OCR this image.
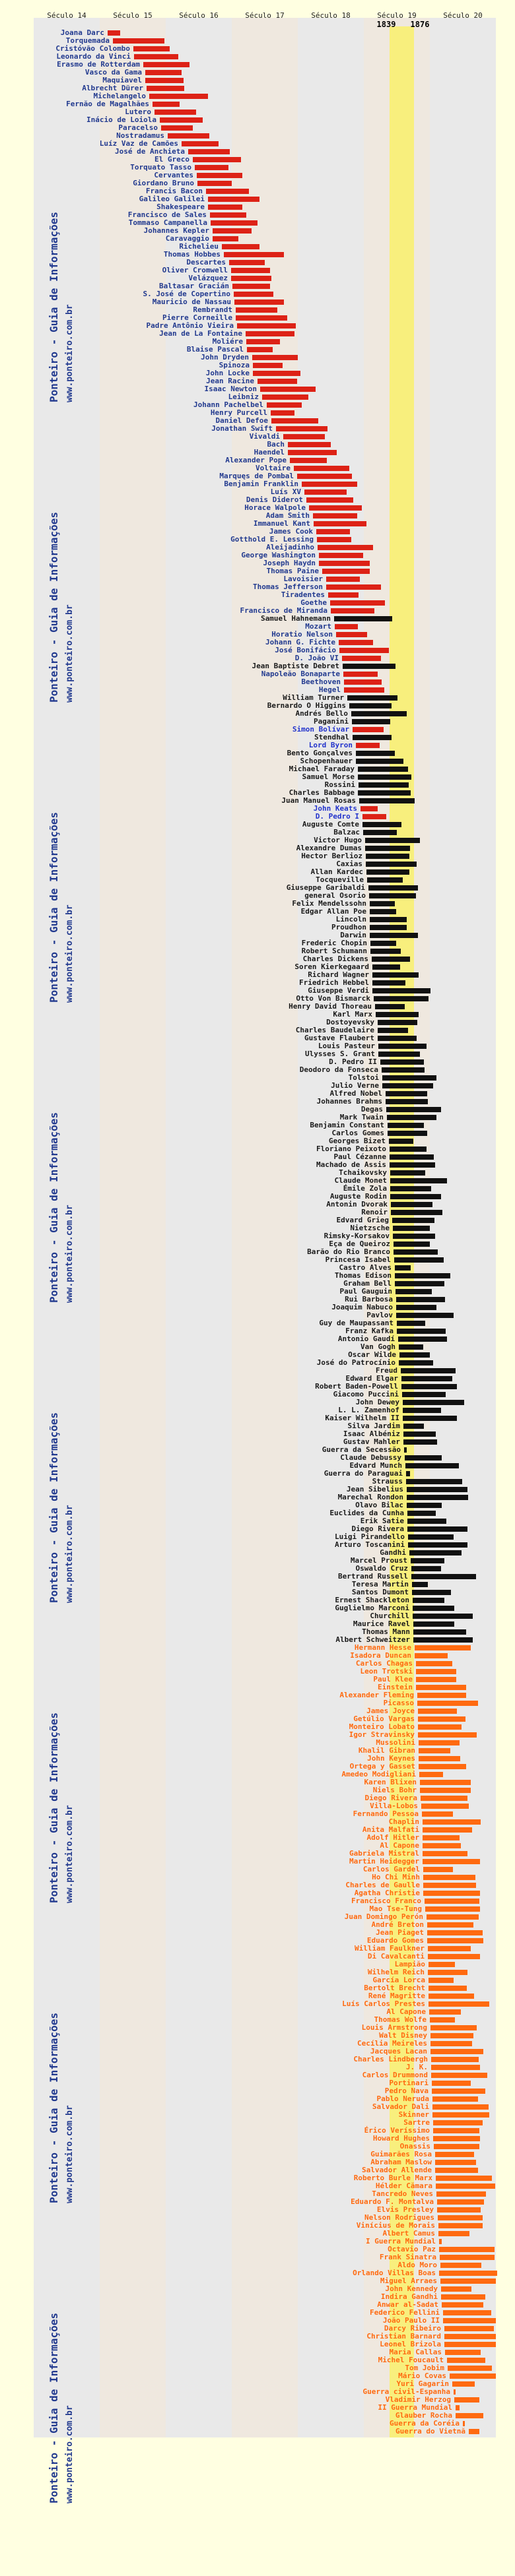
Século 14	Século 15	Século 16	Século 17	Século 18	Século 19	Século 20
1839 1876
Joana Darc
Torquemada
Cristóvão Colombo
Leonardo da Vinci
Erasmo de Rotterdam
Vasco da Gama
Maquiavel
Albrecht Dürer
Michelangelo
Fernăo de Magalhăes
Lutero
Inácio de Loiola
Paracelso
Nostradamus
Luíz Vaz de Camões
José de Anchieta
El Greco
Torquato Tasso
Cervantes
Giordano Bruno
Francis Bacon
Galileo Galilei
Shakespeare
Francisco de Sales
Tommaso Campanella
Johannes Kepler
Caravaggio
Richelieu
Thomas Hobbes
Descartes
Oliver Cromwell
Velázquez
Baltasar Gracián
S. José de Copertino
Mauricio de Nassau
Rembrandt
Pierre Corneille
Padre Antônio Vieira
Jean de La Fontaine
Moliére
Blaise Pascal
John Dryden
Spinoza
John Locke
Jean Racine
Isaac Newton
Leibniz
Johann Pachelbel
Henry Purcell
Daniel Defoe
Jonathan Swift
Vivaldi
Bach
Haendel
Alexander Pope
Voltaire
Marquęs de Pombal
Benjamin Franklin
Luís XV
Denis Diderot
Horace Walpole
Adam Smith
Immanuel Kant
James Cook
Gotthold E. Lessing
Aleijadinho
George Washington
Joseph Haydn
Thomas Paine
Lavoisier
Thomas Jefferson
Tiradentes
Goethe
Francisco de Miranda
Samuel Hahnemann
Mozart
Horatio Nelson
Johann G. Fichte
José Bonifácio
D. Joăo VI
Jean Baptiste Debret
Napoleăo Bonaparte
Beethoven
Hegel
William Turner
Bernardo O Higgins
Andrés Bello
Paganini
Simon Bolívar
Stendhal
Lord Byron
Bento Gonçalves
Schopenhauer
Michael Faraday
Samuel Morse
Rossini
Charles Babbage
Juan Manuel Rosas
John Keats
D. Pedro I
Auguste Comte
Balzac
Victor Hugo
Alexandre Dumas
Hector Berlioz
Caxias
Allan Kardec
Tocqueville
Giuseppe Garibaldi
general Osorio
Felix Mendelssohn
Edgar Allan Poe
Lincoln
Proudhon
Darwin
Frederic Chopin
Robert Schumann
Charles Dickens
Soren Kierkegaard
Richard Wagner
Friedrich Hebbel
Giuseppe Verdi
Otto Von Bismarck
Henry David Thoreau
Karl Marx
Dostoyevsky
Charles Baudelaire
Gustave Flaubert
Louis Pasteur
Ulysses S. Grant
D. Pedro II
Deodoro da Fonseca
Tolstoi
Julio Verne
Alfred Nobel
Johannes Brahms
Degas
Mark Twain
Benjamin Constant
Carlos Gomes
Georges Bizet
Floriano Peixoto
Paul Cézanne
Machado de Assis
Tchaikovsky
Claude Monet
Émile Zola
Auguste Rodin
Antonin Dvorak
Renoir
Edvard Grieg
Nietzsche
Rimsky-Korsakov
Eça de Queiroz
Barăo do Rio Branco
Princesa Isabel
Castro Alves
Thomas Edison
Graham Bell
Paul Gauguin
Rui Barbosa
Joaquim Nabuco
Pavlov
Guy de Maupassant
Franz Kafka
Antonio Gaudí
Van Gogh
Oscar Wilde
José do Patrocínio
Freud
Edward Elgar
Robert Baden-Powell
Giacomo Puccini
John Dewey
L. L. Zamenhof
Kaiser Wilhelm II
Silva Jardim
Isaac Albéniz
Gustav Mahler
Guerra da Secessăo
Claude Debussy
Edvard Munch
Guerra do Paraguai
Strauss
Jean Sibelius
Marechal Rondon
Olavo Bilac
Euclides da Cunha
Erik Satie
Diego Rivera
Luigi Pirandello
Arturo Toscanini
Gandhi
Marcel Proust
Oswaldo Cruz
Bertrand Russell
Teresa Martin
Santos Dumont
Ernest Shackleton
Guglielmo Marconi
Churchill
Maurice Ravel
Thomas Mann
Albert Schweitzer
Hermann Hesse
Isadora Duncan
Carlos Chagas
Leon Trotski
Paul Klee
Einstein
Alexander Fleming
Picasso
James Joyce
Getúlio Vargas
Monteiro Lobato
Igor Stravinsky
Mussolini
Khalil Gibran
John Keynes
Ortega y Gasset
Amedeo Modigliani
Karen Blixen
Niels Bohr
Diego Rivera
Villa-Lobos
Fernando Pessoa
Chaplin
Anita Malfati
Adolf Hitler
Al Capone
Gabriela Mistral
Martin Heidegger
Carlos Gardel
Ho Chi Minh
Charles de Gaulle
Agatha Christie
Francisco Franco
Mao Tse-Tung
Juan Domingo Perón
André Breton
Jean Piaget
Eduardo Gomes
William Faulkner
Di Cavalcanti
Lampiăo
Wilhelm Reich
García Lorca
Bertolt Brecht
René Magritte
Luís Carlos Prestes
Al Capone
Thomas Wolfe
Louis Armstrong
Walt Disney
Cecília Meireles
Jacques Lacan
Charles Lindbergh
J. K.
Carlos Drummond
Portinari
Pedro Nava
Pablo Neruda
Salvador Dali
Skinner
Sartre
Érico Veríssimo
Howard Hughes
Onassis
Guimarăes Rosa
Abraham Maslow
Salvador Allende
Roberto Burle Marx
Hélder Cămara
Tancredo Neves
Eduardo F. Montalva
Elvis Presley
Nelson Rodrigues
Vinícius de Morais
Albert Camus
I Guerra Mundial
Octavio Paz
Frank Sinatra
Aldo Moro
Orlando Villas Boas
Miguel Arraes
John Kennedy
Indira Gandhi
Anwar al-Sadat
Federico Fellini
Joăo Paulo II
Darcy Ribeiro
Christian Barnard
Leonel Brizola
Maria Callas
Michel Foucault
Tom Jobim
Mário Covas
Yuri Gagarin
Guerra civil-Espanha
Vladimir Herzog
II Guerra Mundial
Glauber Rocha
Guerra da Coréia
Guerra do Vietnă
Ponteiro - Guia de Informações www.ponteiro.com.br
Ponteiro - Guia de Informações www.ponteiro.com.br
Ponteiro - Guia de Informações www.ponteiro.com.br
Ponteiro - Guia de Informações www.ponteiro.com.br
Ponteiro - Guia de Informações www.ponteiro.com.br
Ponteiro - Guia de Informações www.ponteiro.com.br
Ponteiro - Guia de Informações www.ponteiro.com.br
Ponteiro - Guia de Informações www.ponteiro.com.br
